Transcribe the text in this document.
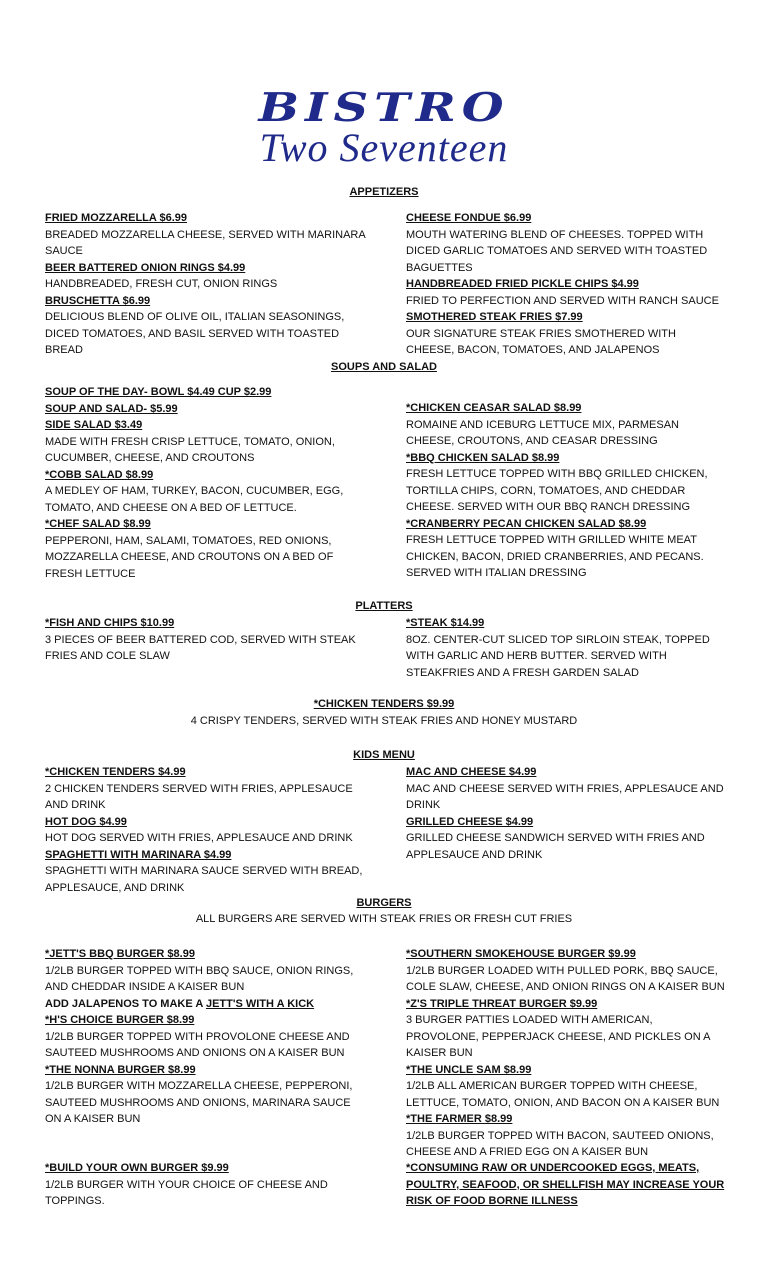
BISTRO
Two Seventeen
APPETIZERS
FRIED MOZZARELLA $6.99
BREADED MOZZARELLA CHEESE, SERVED WITH MARINARA SAUCE
BEER BATTERED ONION RINGS $4.99
HANDBREADED, FRESH CUT, ONION RINGS
BRUSCHETTA $6.99
DELICIOUS BLEND OF OLIVE OIL, ITALIAN SEASONINGS, DICED TOMATOES, AND BASIL SERVED WITH TOASTED BREAD
CHEESE FONDUE $6.99
MOUTH WATERING BLEND OF CHEESES. TOPPED WITH DICED GARLIC TOMATOES AND SERVED WITH TOASTED BAGUETTES
HANDBREADED FRIED PICKLE CHIPS $4.99
FRIED TO PERFECTION AND SERVED WITH RANCH SAUCE
SMOTHERED STEAK FRIES $7.99
OUR SIGNATURE STEAK FRIES SMOTHERED WITH CHEESE, BACON, TOMATOES, AND JALAPENOS
SOUPS AND SALAD
SOUP OF THE DAY- BOWL $4.49 CUP $2.99
SOUP AND SALAD- $5.99
SIDE SALAD $3.49
MADE WITH FRESH CRISP LETTUCE, TOMATO, ONION, CUCUMBER, CHEESE, AND CROUTONS
*COBB SALAD $8.99
A MEDLEY OF HAM, TURKEY, BACON, CUCUMBER, EGG, TOMATO, AND CHEESE ON A BED OF LETTUCE.
*CHEF SALAD $8.99
PEPPERONI, HAM, SALAMI, TOMATOES, RED ONIONS, MOZZARELLA CHEESE, AND CROUTONS ON A BED OF FRESH LETTUCE
*CHICKEN CEASAR SALAD $8.99
ROMAINE AND ICEBURG LETTUCE MIX, PARMESAN CHEESE, CROUTONS, AND CEASAR DRESSING
*BBQ CHICKEN SALAD $8.99
FRESH LETTUCE TOPPED WITH BBQ GRILLED CHICKEN, TORTILLA CHIPS, CORN, TOMATOES, AND CHEDDAR CHEESE. SERVED WITH OUR BBQ RANCH DRESSING
*CRANBERRY PECAN CHICKEN SALAD $8.99
FRESH LETTUCE TOPPED WITH GRILLED WHITE MEAT CHICKEN, BACON, DRIED CRANBERRIES, AND PECANS. SERVED WITH ITALIAN DRESSING
PLATTERS
*FISH AND CHIPS $10.99
3 PIECES OF BEER BATTERED COD, SERVED WITH STEAK FRIES AND COLE SLAW
*STEAK $14.99
8OZ. CENTER-CUT SLICED TOP SIRLOIN STEAK, TOPPED WITH GARLIC AND HERB BUTTER. SERVED WITH STEAKFRIES AND A FRESH GARDEN SALAD
*CHICKEN TENDERS $9.99
4 CRISPY TENDERS, SERVED WITH STEAK FRIES AND HONEY MUSTARD
KIDS MENU
*CHICKEN TENDERS $4.99
2 CHICKEN TENDERS SERVED WITH FRIES, APPLESAUCE AND DRINK
HOT DOG $4.99
HOT DOG SERVED WITH FRIES, APPLESAUCE AND DRINK
SPAGHETTI WITH MARINARA $4.99
SPAGHETTI WITH MARINARA SAUCE SERVED WITH BREAD, APPLESAUCE, AND DRINK
MAC AND CHEESE $4.99
MAC AND CHEESE SERVED WITH FRIES, APPLESAUCE AND DRINK
GRILLED CHEESE $4.99
GRILLED CHEESE SANDWICH SERVED WITH FRIES AND APPLESAUCE AND DRINK
BURGERS
ALL BURGERS ARE SERVED WITH STEAK FRIES OR FRESH CUT FRIES
*JETT'S BBQ BURGER $8.99
1/2LB BURGER TOPPED WITH BBQ SAUCE, ONION RINGS, AND CHEDDAR INSIDE A KAISER BUN
ADD JALAPENOS TO MAKE A JETT'S WITH A KICK
*H'S CHOICE BURGER $8.99
1/2LB BURGER TOPPED WITH PROVOLONE CHEESE AND SAUTEED MUSHROOMS AND ONIONS ON A KAISER BUN
*THE NONNA BURGER $8.99
1/2LB BURGER WITH MOZZARELLA CHEESE, PEPPERONI, SAUTEED MUSHROOMS AND ONIONS, MARINARA SAUCE ON A KAISER BUN
*SOUTHERN SMOKEHOUSE BURGER $9.99
1/2LB BURGER LOADED WITH PULLED PORK, BBQ SAUCE, COLE SLAW, CHEESE, AND ONION RINGS ON A KAISER BUN
*Z'S TRIPLE THREAT BURGER $9.99
3 BURGER PATTIES LOADED WITH AMERICAN, PROVOLONE, PEPPERJACK CHEESE, AND PICKLES ON A KAISER BUN
*THE UNCLE SAM $8.99
1/2LB ALL AMERICAN BURGER TOPPED WITH CHEESE, LETTUCE, TOMATO, ONION, AND BACON ON A KAISER BUN
*THE FARMER $8.99
1/2LB BURGER TOPPED WITH BACON, SAUTEED ONIONS, CHEESE AND A FRIED EGG ON A KAISER BUN
*BUILD YOUR OWN BURGER $9.99
1/2LB BURGER WITH YOUR CHOICE OF CHEESE AND TOPPINGS.
*CONSUMING RAW OR UNDERCOOKED EGGS, MEATS, POULTRY, SEAFOOD, OR SHELLFISH MAY INCREASE YOUR RISK OF FOOD BORNE ILLNESS
